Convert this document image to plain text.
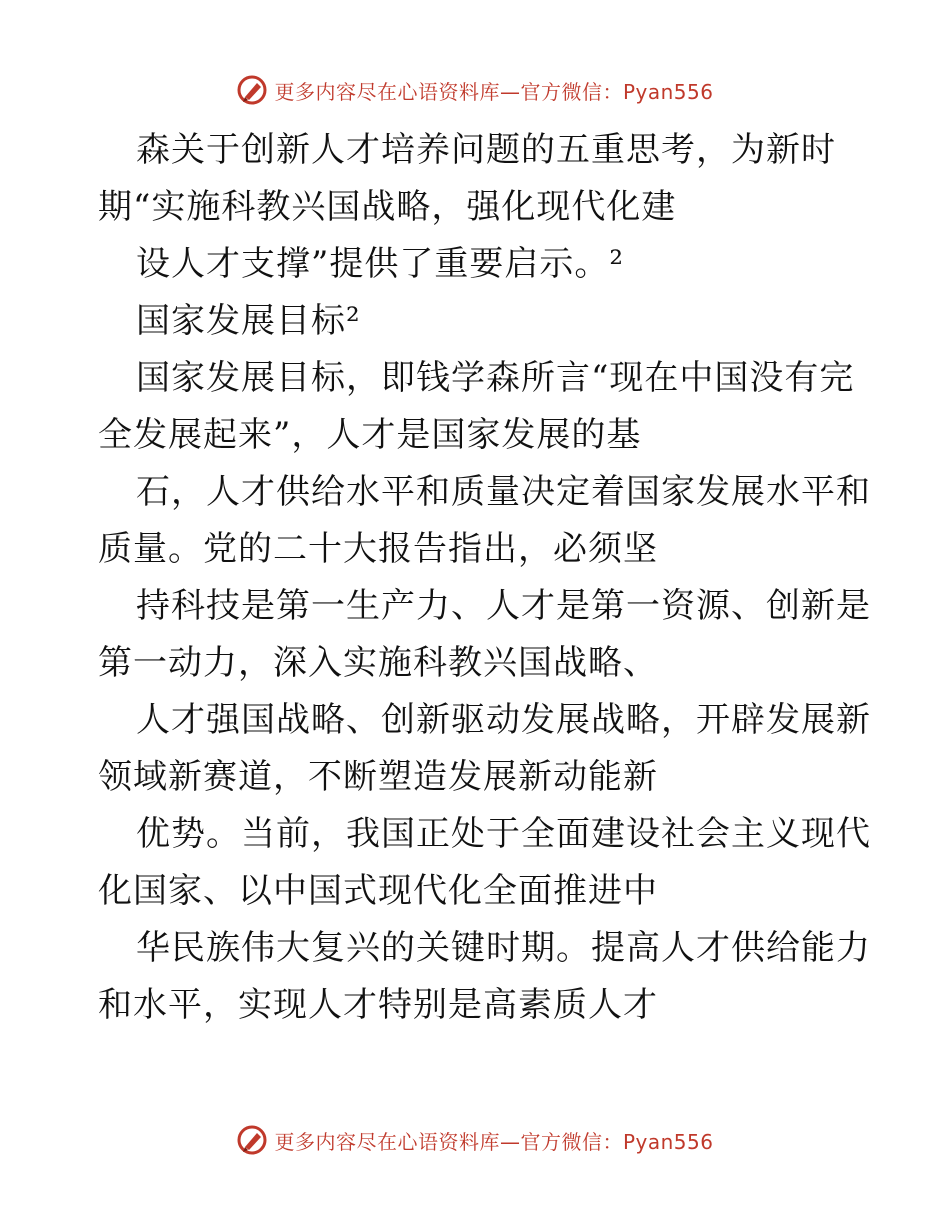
更多内容尽在心语资料库—官方微信：Pyan556
森关于创新人才培养问题的五重思考，为新时
期“实施科教兴国战略，强化现代化建
设人才支撑”提供了重要启示。²
国家发展目标²
国家发展目标，即钱学森所言“现在中国没有完
全发展起来”，人才是国家发展的基
石，人才供给水平和质量决定着国家发展水平和
质量。党的二十大报告指出，必须坚
持科技是第一生产力、人才是第一资源、创新是
第一动力，深入实施科教兴国战略、
人才强国战略、创新驱动发展战略，开辟发展新
领域新赛道，不断塑造发展新动能新
优势。当前，我国正处于全面建设社会主义现代
化国家、以中国式现代化全面推进中
华民族伟大复兴的关键时期。提高人才供给能力
和水平，实现人才特别是高素质人才
更多内容尽在心语资料库—官方微信：Pyan556
